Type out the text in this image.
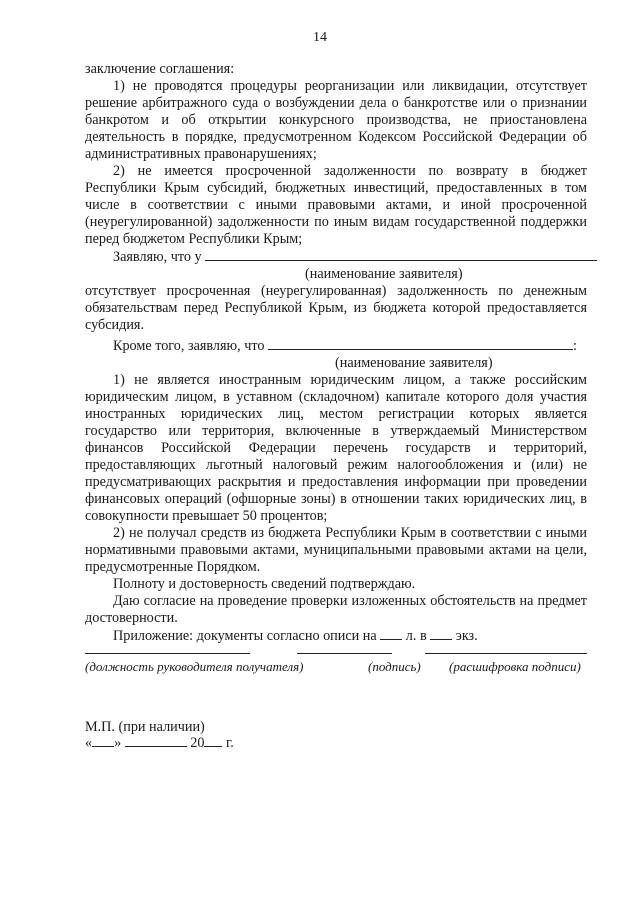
14

заключение соглашения:

1) не проводятся процедуры реорганизации или ликвидации, отсутствует решение арбитражного суда о возбуждении дела о банкротстве или о признании банкротом и об открытии конкурсного производства, не приостановлена деятельность в порядке, предусмотренном Кодексом Российской Федерации об административных правонарушениях;

2) не имеется просроченной задолженности по возврату в бюджет Республики Крым субсидий, бюджетных инвестиций, предоставленных в том числе в соответствии с иными правовыми актами, и иной просроченной (неурегулированной) задолженности по иным видам государственной поддержки перед бюджетом Республики Крым;

Заявляю, что у

(наименование заявителя)

отсутствует просроченная (неурегулированная) задолженность по денежным обязательствам перед Республикой Крым, из бюджета которой предоставляется субсидия.

Кроме того, заявляю, что	:

(наименование заявителя)

1) не является иностранным юридическим лицом, а также российским юридическим лицом, в уставном (складочном) капитале которого доля участия иностранных юридических лиц, местом регистрации которых является государство или территория, включенные в утверждаемый Министерством финансов Российской Федерации перечень государств и территорий, предоставляющих льготный налоговый режим налогообложения и (или) не предусматривающих раскрытия и предоставления информации при проведении финансовых операций (офшорные зоны) в отношении таких юридических лиц, в совокупности превышает 50 процентов;

2) не получал средств из бюджета Республики Крым в соответствии с иными нормативными правовыми актами, муниципальными правовыми актами на цели, предусмотренные Порядком.

Полноту и достоверность сведений подтверждаю.

Даю согласие на проведение проверки изложенных обстоятельств на предмет достоверности.

Приложение: документы согласно описи на л. в экз.

(должность руководителя получателя)	(подпись) (расшифровка подписи)
М.П. (при наличии)
« »	20 г.
